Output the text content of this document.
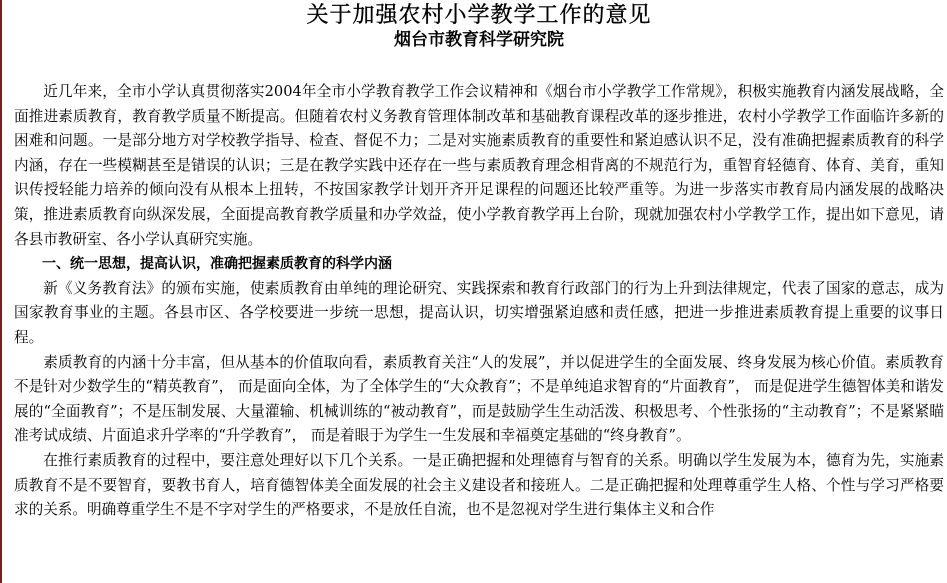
关于加强农村小学教学工作的意见
烟台市教育科学研究院

近几年来，全市小学认真贯彻落实2004年全市小学教育教学工作会议精神和《烟台市小学教学工作常规》，积极实施教育内涵发展战略，全面推进素质教育，教育教学质量不断提高。但随着农村义务教育管理体制改革和基础教育课程改革的逐步推进，农村小学教学工作面临许多新的困难和问题。一是部分地方对学校教学指导、检查、督促不力；二是对实施素质教育的重要性和紧迫感认识不足，没有准确把握素质教育的科学内涵，存在一些模糊甚至是错误的认识；三是在教学实践中还存在一些与素质教育理念相背离的不规范行为，重智育轻德育、体育、美育，重知识传授轻能力培养的倾向没有从根本上扭转，不按国家教学计划开齐开足课程的问题还比较严重等。为进一步落实市教育局内涵发展的战略决策，推进素质教育向纵深发展，全面提高教育教学质量和办学效益，使小学教育教学再上台阶，现就加强农村小学教学工作，提出如下意见，请各县市教研室、各小学认真研究实施。

一、统一思想，提高认识，准确把握素质教育的科学内涵

新《义务教育法》的颁布实施，使素质教育由单纯的理论研究、实践探索和教育行政部门的行为上升到法律规定，代表了国家的意志，成为国家教育事业的主题。各县市区、各学校要进一步统一思想，提高认识，切实增强紧迫感和责任感，把进一步推进素质教育提上重要的议事日程。

素质教育的内涵十分丰富，但从基本的价值取向看，素质教育关注“人的发展”，并以促进学生的全面发展、终身发展为核心价值。素质教育不是针对少数学生的“精英教育”， 而是面向全体，为了全体学生的“大众教育”；不是单纯追求智育的“片面教育”， 而是促进学生德智体美和谐发展的“全面教育”；不是压制发展、大量灌输、机械训练的“被动教育”，而是鼓励学生生动活泼、积极思考、个性张扬的“主动教育”；不是紧紧瞄准考试成绩、片面追求升学率的“升学教育”， 而是着眼于为学生一生发展和幸福奠定基础的“终身教育”。

在推行素质教育的过程中，要注意处理好以下几个关系。一是正确把握和处理德育与智育的关系。明确以学生发展为本，德育为先，实施素质教育不是不要智育，要教书育人，培育德智体美全面发展的社会主义建设者和接班人。二是正确把握和处理尊重学生人格、个性与学习严格要求的关系。明确尊重学生不是不字对学生的严格要求，不是放任自流，也不是忽视对学生进行集体主义和合作
